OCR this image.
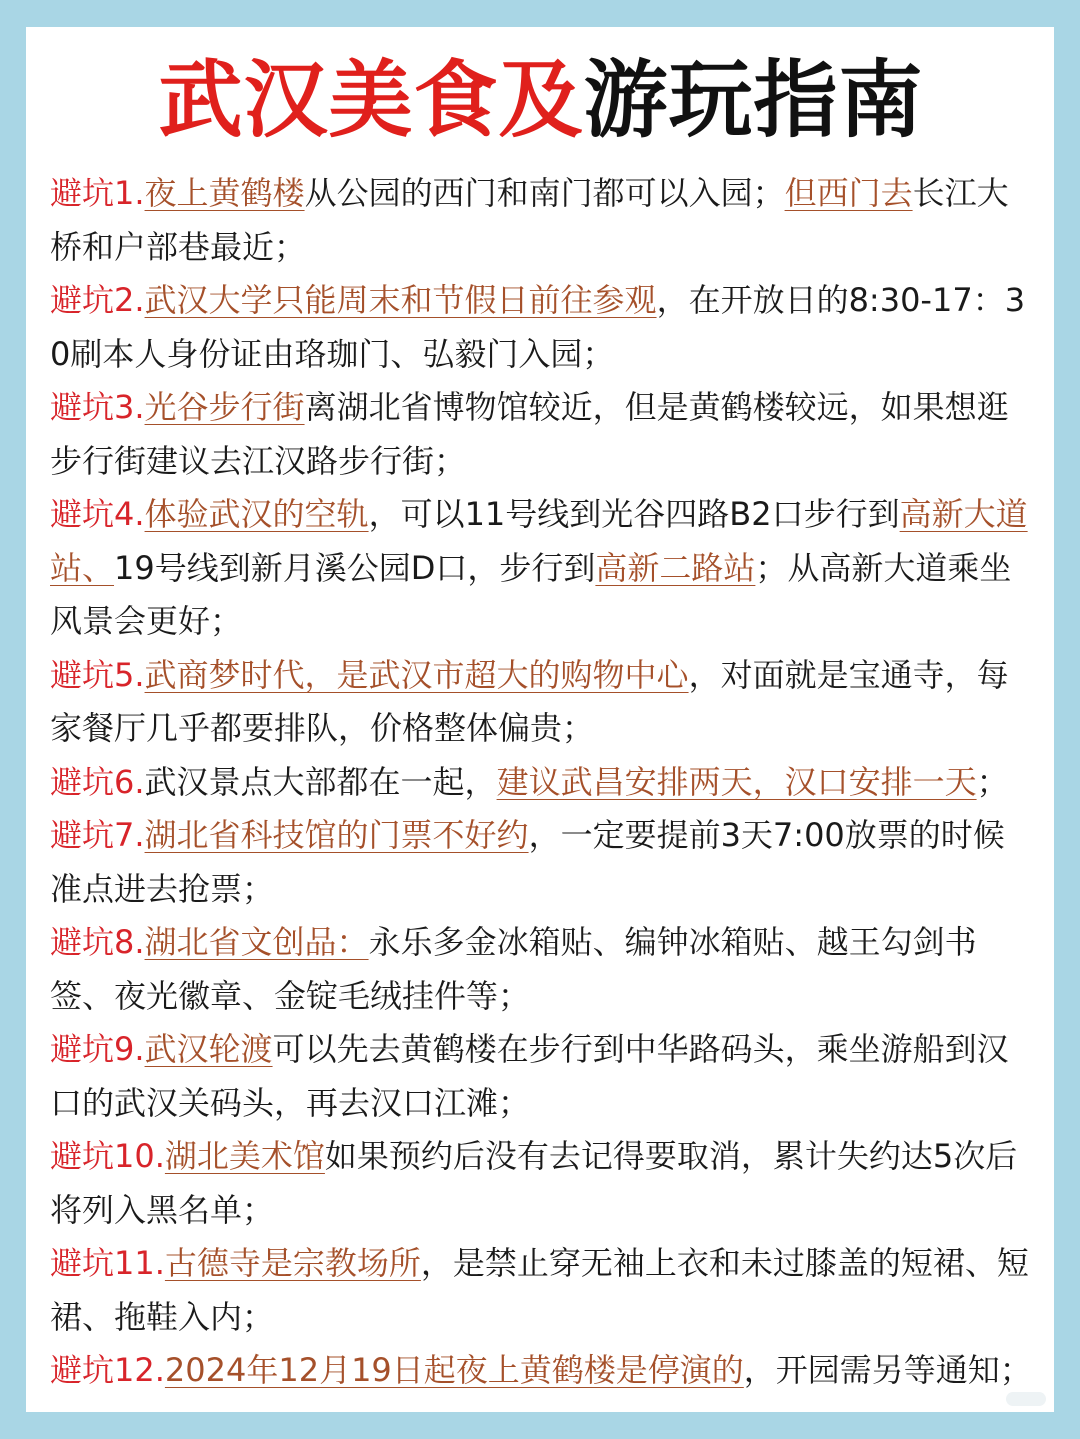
武汉美食及游玩指南

避坑1.夜上黄鹤楼从公园的西门和南门都可以入园；但西门去长江大桥和户部巷最近；

避坑2.武汉大学只能周末和节假日前往参观，在开放日的8:30-17：30刷本人身份证由珞珈门、弘毅门入园；

避坑3.光谷步行街离湖北省博物馆较近，但是黄鹤楼较远，如果想逛步行街建议去江汉路步行街；

避坑4.体验武汉的空轨，可以11号线到光谷四路B2口步行到高新大道站、19号线到新月溪公园D口，步行到高新二路站；从高新大道乘坐风景会更好；

避坑5.武商梦时代，是武汉市超大的购物中心，对面就是宝通寺，每家餐厅几乎都要排队，价格整体偏贵；

避坑6.武汉景点大部都在一起，建议武昌安排两天，汉口安排一天；

避坑7.湖北省科技馆的门票不好约，一定要提前3天7:00放票的时候准点进去抢票；

避坑8.湖北省文创品：永乐多金冰箱贴、编钟冰箱贴、越王勾剑书签、夜光徽章、金锭毛绒挂件等；

避坑9.武汉轮渡可以先去黄鹤楼在步行到中华路码头，乘坐游船到汉口的武汉关码头，再去汉口江滩；

避坑10.湖北美术馆如果预约后没有去记得要取消，累计失约达5次后将列入黑名单；

避坑11.古德寺是宗教场所，是禁止穿无袖上衣和未过膝盖的短裙、短裙、拖鞋入内；

避坑12.2024年12月19日起夜上黄鹤楼是停演的，开园需另等通知；
